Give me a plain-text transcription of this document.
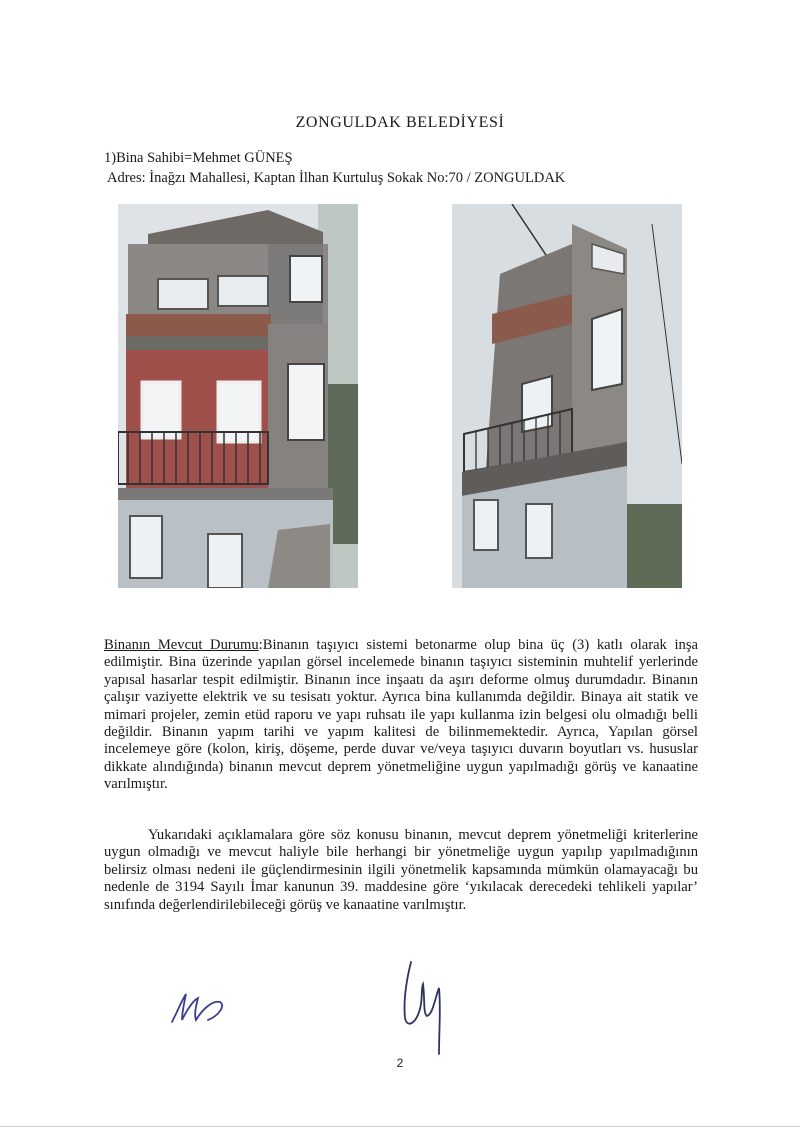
ZONGULDAK BELEDİYESİ
1)Bina Sahibi=Mehmet GÜNEŞ
Adres: İnağzı Mahallesi, Kaptan İlhan Kurtuluş Sokak No:70 / ZONGULDAK

Binanın Mevcut Durumu:Binanın taşıyıcı sistemi betonarme olup bina üç (3) katlı olarak inşa edilmiştir. Bina üzerinde yapılan görsel incelemede binanın taşıyıcı sisteminin muhtelif yerlerinde yapısal hasarlar tespit edilmiştir. Binanın ince inşaatı da aşırı deforme olmuş durumdadır. Binanın çalışır vaziyette elektrik ve su tesisatı yoktur. Ayrıca bina kullanımda değildir. Binaya ait statik ve mimari projeler, zemin etüd raporu ve yapı ruhsatı ile yapı kullanma izin belgesi olu olmadığı belli değildir. Binanın yapım tarihi ve yapım kalitesi de bilinmemektedir. Ayrıca, Yapılan görsel incelemeye göre (kolon, kiriş, döşeme, perde duvar ve/veya taşıyıcı duvarın boyutları vs. hususlar dikkate alındığında) binanın mevcut deprem yönetmeliğine uygun yapılmadığı görüş ve kanaatine varılmıştır.

Yukarıdaki açıklamalara göre söz konusu binanın, mevcut deprem yönetmeliği kriterlerine uygun olmadığı ve mevcut haliyle bile herhangi bir yönetmeliğe uygun yapılıp yapılmadığının belirsiz olması nedeni ile güçlendirmesinin ilgili yönetmelik kapsamında mümkün olamayacağı bu nedenle de 3194 Sayılı İmar kanunun 39. maddesine göre ‘yıkılacak derecedeki tehlikeli yapılar’ sınıfında değerlendirilebileceği görüş ve kanaatine varılmıştır.

2
